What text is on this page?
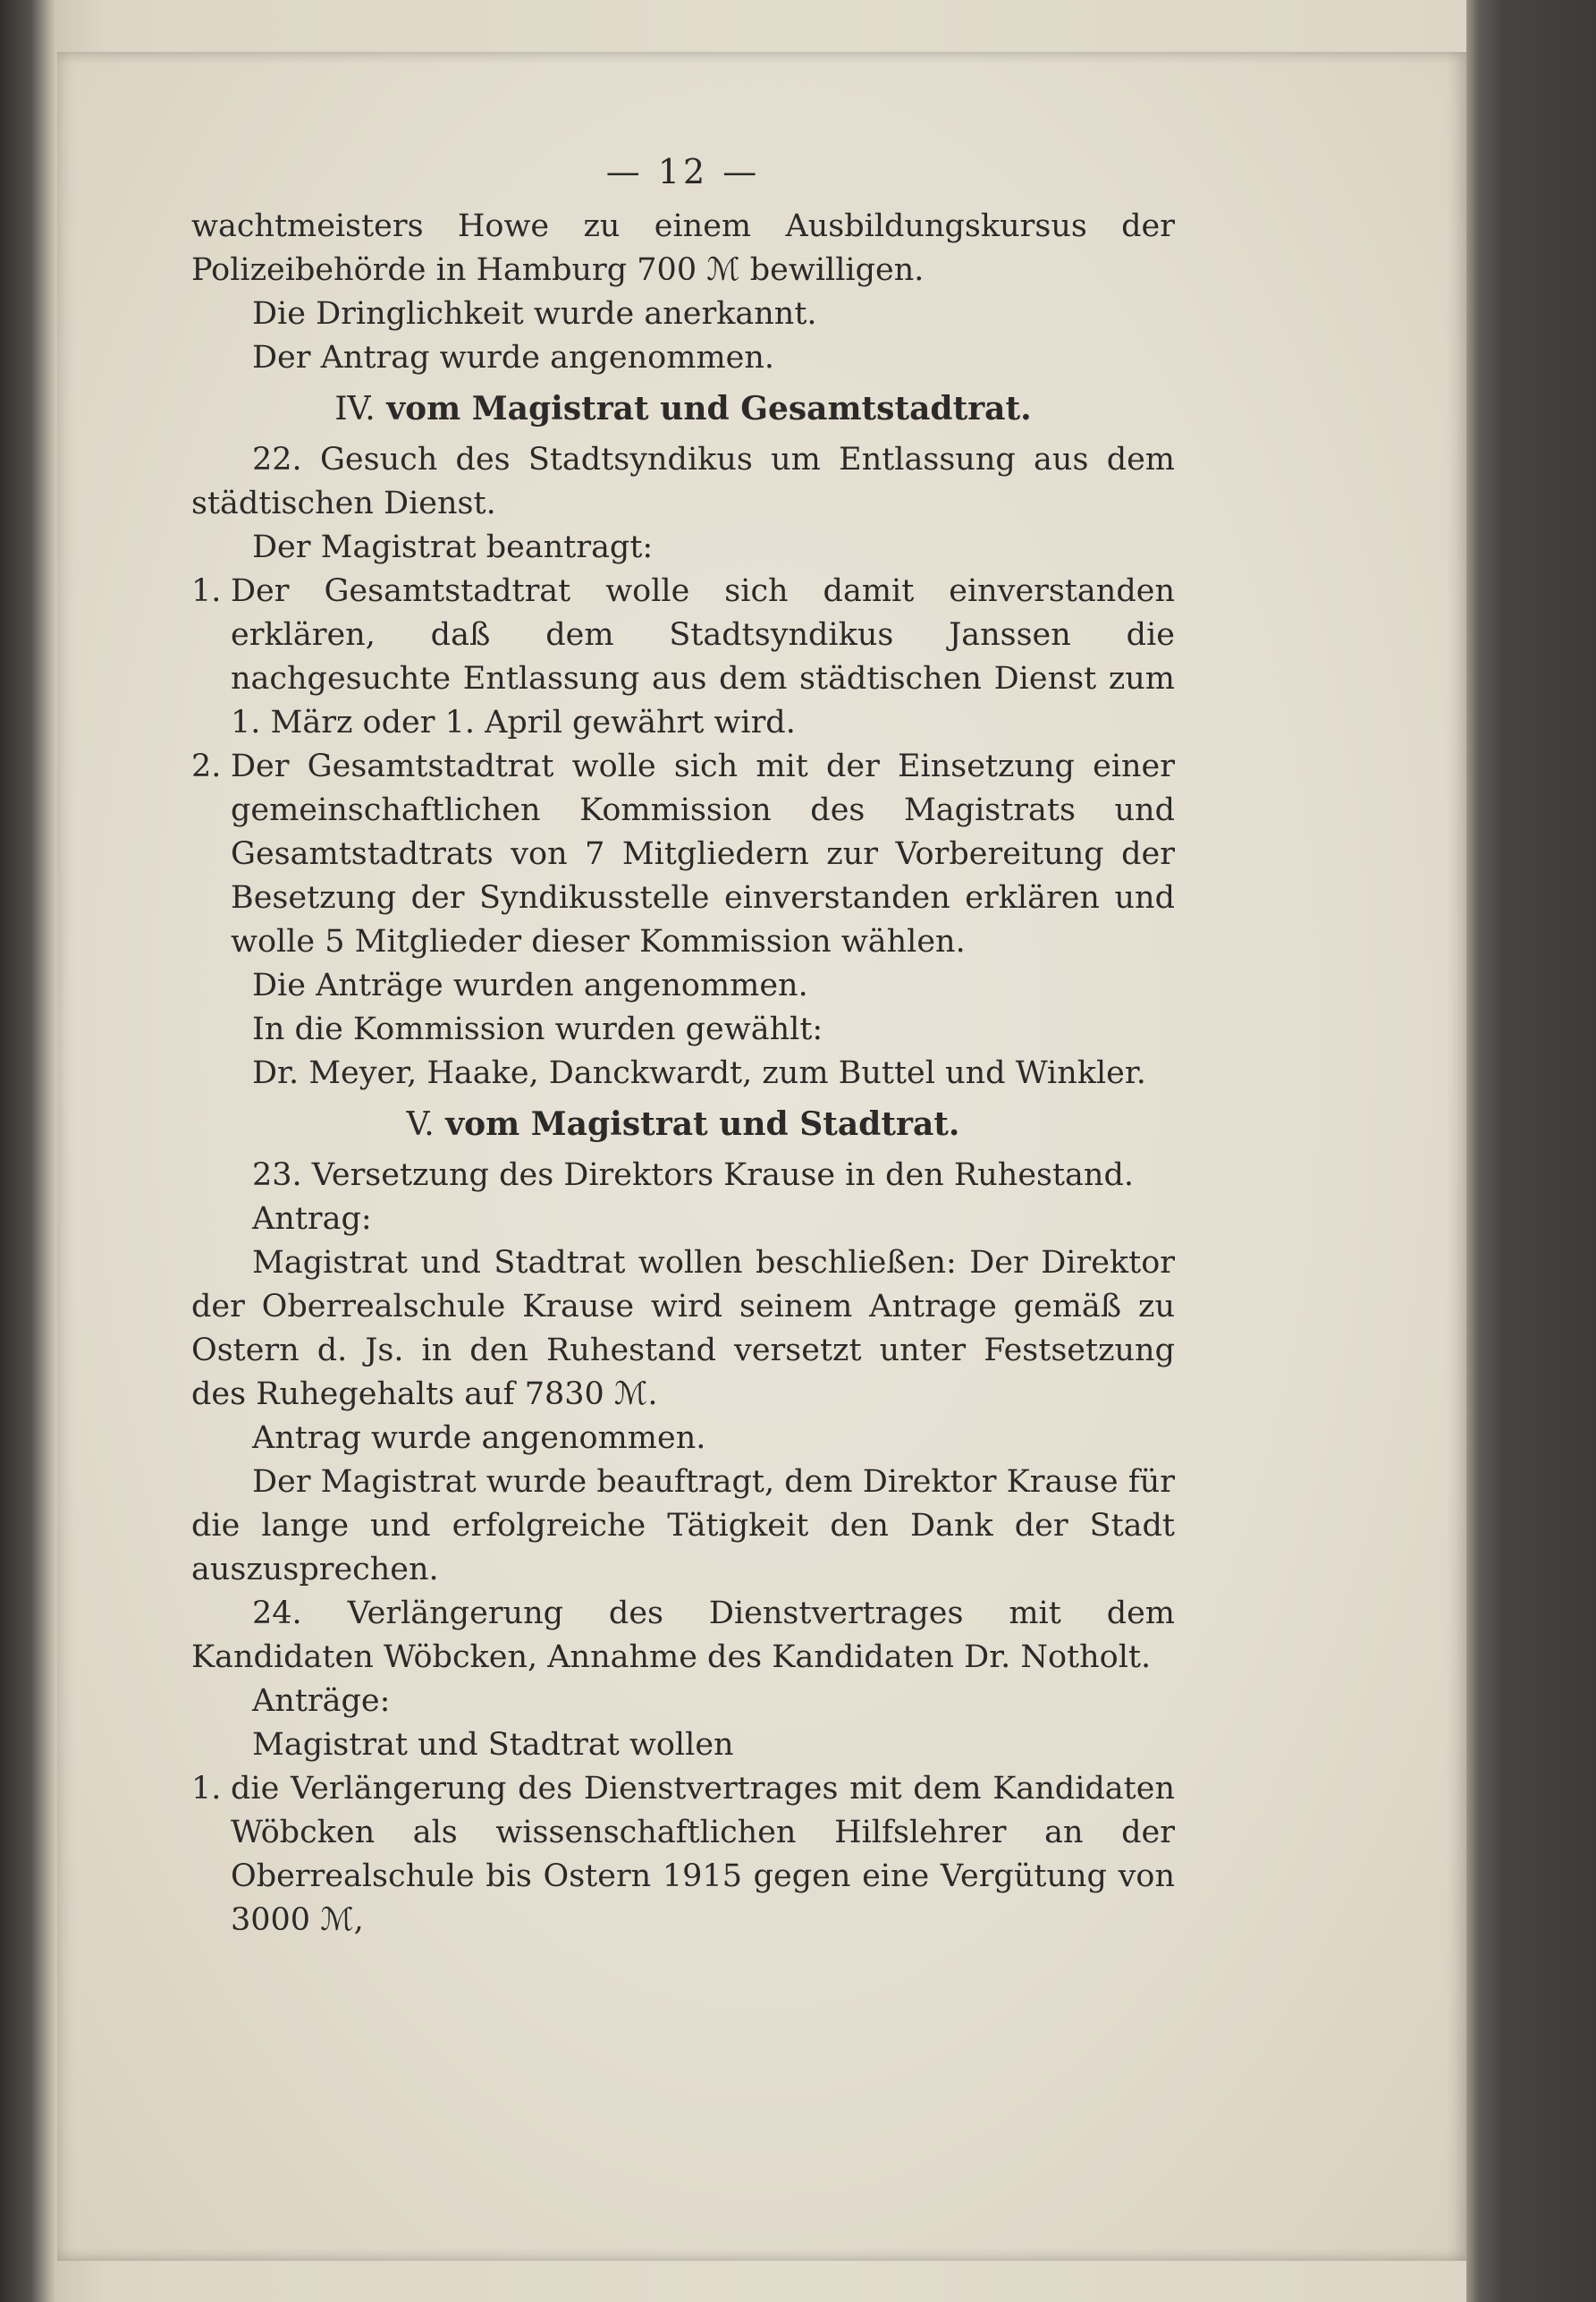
— 12 —

wachtmeisters Howe zu einem Ausbildungskursus der Polizeibehörde in Hamburg 700 ℳ bewilligen.

Die Dringlichkeit wurde anerkannt.

Der Antrag wurde angenommen.

IV. vom Magistrat und Gesamtstadtrat.

22. Gesuch des Stadtsyndikus um Entlassung aus dem städtischen Dienst.

Der Magistrat beantragt:

1. Der Gesamtstadtrat wolle sich damit einverstanden erklären, daß dem Stadtsyndikus Janssen die nachgesuchte Entlassung aus dem städtischen Dienst zum 1. März oder 1. April gewährt wird.

2. Der Gesamtstadtrat wolle sich mit der Einsetzung einer gemeinschaftlichen Kommission des Magistrats und Gesamtstadtrats von 7 Mitgliedern zur Vorbereitung der Besetzung der Syndikusstelle einverstanden erklären und wolle 5 Mitglieder dieser Kommission wählen.

Die Anträge wurden angenommen.

In die Kommission wurden gewählt:

Dr. Meyer, Haake, Danckwardt, zum Buttel und Winkler.

V. vom Magistrat und Stadtrat.

23. Versetzung des Direktors Krause in den Ruhestand.

Antrag:

Magistrat und Stadtrat wollen beschließen: Der Direktor der Oberrealschule Krause wird seinem Antrage gemäß zu Ostern d. Js. in den Ruhestand versetzt unter Festsetzung des Ruhegehalts auf 7830 ℳ.

Antrag wurde angenommen.

Der Magistrat wurde beauftragt, dem Direktor Krause für die lange und erfolgreiche Tätigkeit den Dank der Stadt auszusprechen.

24. Verlängerung des Dienstvertrages mit dem Kandidaten Wöbcken, Annahme des Kandidaten Dr. Notholt.

Anträge:

Magistrat und Stadtrat wollen

1. die Verlängerung des Dienstvertrages mit dem Kandidaten Wöbcken als wissenschaftlichen Hilfslehrer an der Oberrealschule bis Ostern 1915 gegen eine Vergütung von 3000 ℳ,
